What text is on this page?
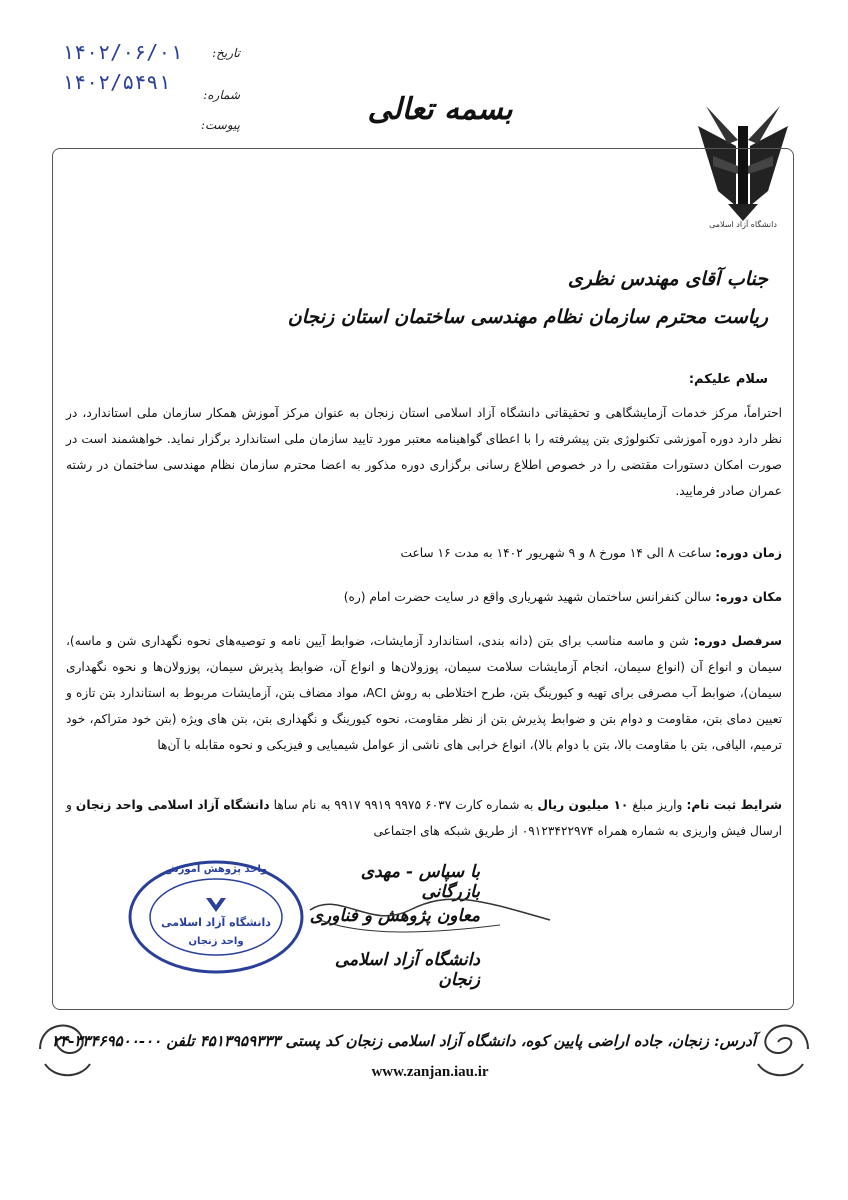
۱۴۰۲/۰۶/۰۱
۱۴۰۲/۵۴۹۱
تاریخ:
شماره:
پیوست:	بسمه تعالی
دانشگاه آزاد اسلامی
جناب آقای مهندس نظری
ریاست محترم سازمان نظام مهندسی ساختمان استان زنجان
سلام علیکم:
احتراماً، مرکز خدمات آزمایشگاهی و تحقیقاتی دانشگاه آزاد اسلامی استان زنجان به عنوان مرکز آموزش همکار سازمان ملی استاندارد، در نظر دارد دوره آموزشی تکنولوژی بتن پیشرفته را با اعطای گواهینامه معتبر مورد تایید سازمان ملی استاندارد برگزار نماید. خواهشمند است در صورت امکان دستورات مقتضی را در خصوص اطلاع رسانی برگزاری دوره مذکور به اعضا محترم سازمان نظام مهندسی ساختمان در رشته عمران صادر فرمایید.
زمان دوره: ساعت ۸ الی ۱۴ مورخ ۸ و ۹ شهریور ۱۴۰۲ به مدت ۱۶ ساعت
مکان دوره: سالن کنفرانس ساختمان شهید شهریاری واقع در سایت حضرت امام (ره)
سرفصل دوره: شن و ماسه مناسب برای بتن (دانه بندی، استاندارد آزمایشات، ضوابط آیین نامه و توصیه‌های نحوه نگهداری شن و ماسه)، سیمان و انواع آن (انواع سیمان، انجام آزمایشات سلامت سیمان، پوزولان‌ها و انواع آن، ضوابط پذیرش سیمان، پوزولان‌ها و نحوه نگهداری سیمان)، ضوابط آب مصرفی برای تهیه و کیورینگ بتن، طرح اختلاطی به روش ACI، مواد مضاف بتن، آزمایشات مربوط به استاندارد بتن تازه و تعیین دمای بتن، مقاومت و دوام بتن و ضوابط پذیرش بتن از نظر مقاومت، نحوه کیورینگ و نگهداری بتن، بتن های ویژه (بتن خود متراکم، خود ترمیم، الیافی، بتن با مقاومت بالا، بتن با دوام بالا)، انواع خرابی های ناشی از عوامل شیمیایی و فیزیکی و نحوه مقابله با آن‌ها
شرایط ثبت نام: واریز مبلغ ۱۰ میلیون ریال به شماره کارت ۶۰۳۷ ۹۹۷۵ ۹۹۱۹ ۹۹۱۷ به نام ساها دانشگاه آزاد اسلامی واحد زنجان و ارسال فیش واریزی به شماره همراه ۰۹۱۲۳۴۲۲۹۷۴ از طریق شبکه های اجتماعی
با سپاس - مهدی بازرگانی
معاون پژوهش و فناوری
دانشگاه آزاد اسلامی زنجان
واحد پژوهش آموزش
دانشگاه آزاد اسلامی
واحد زنجان
آدرس: زنجان، جاده اراضی پایین کوه، دانشگاه آزاد اسلامی زنجان کد پستی ۴۵۱۳۹۵۹۳۳۳ تلفن ۰۰-۳۳۴۶۹۵۰۰-۲۴
www.zanjan.iau.ir
